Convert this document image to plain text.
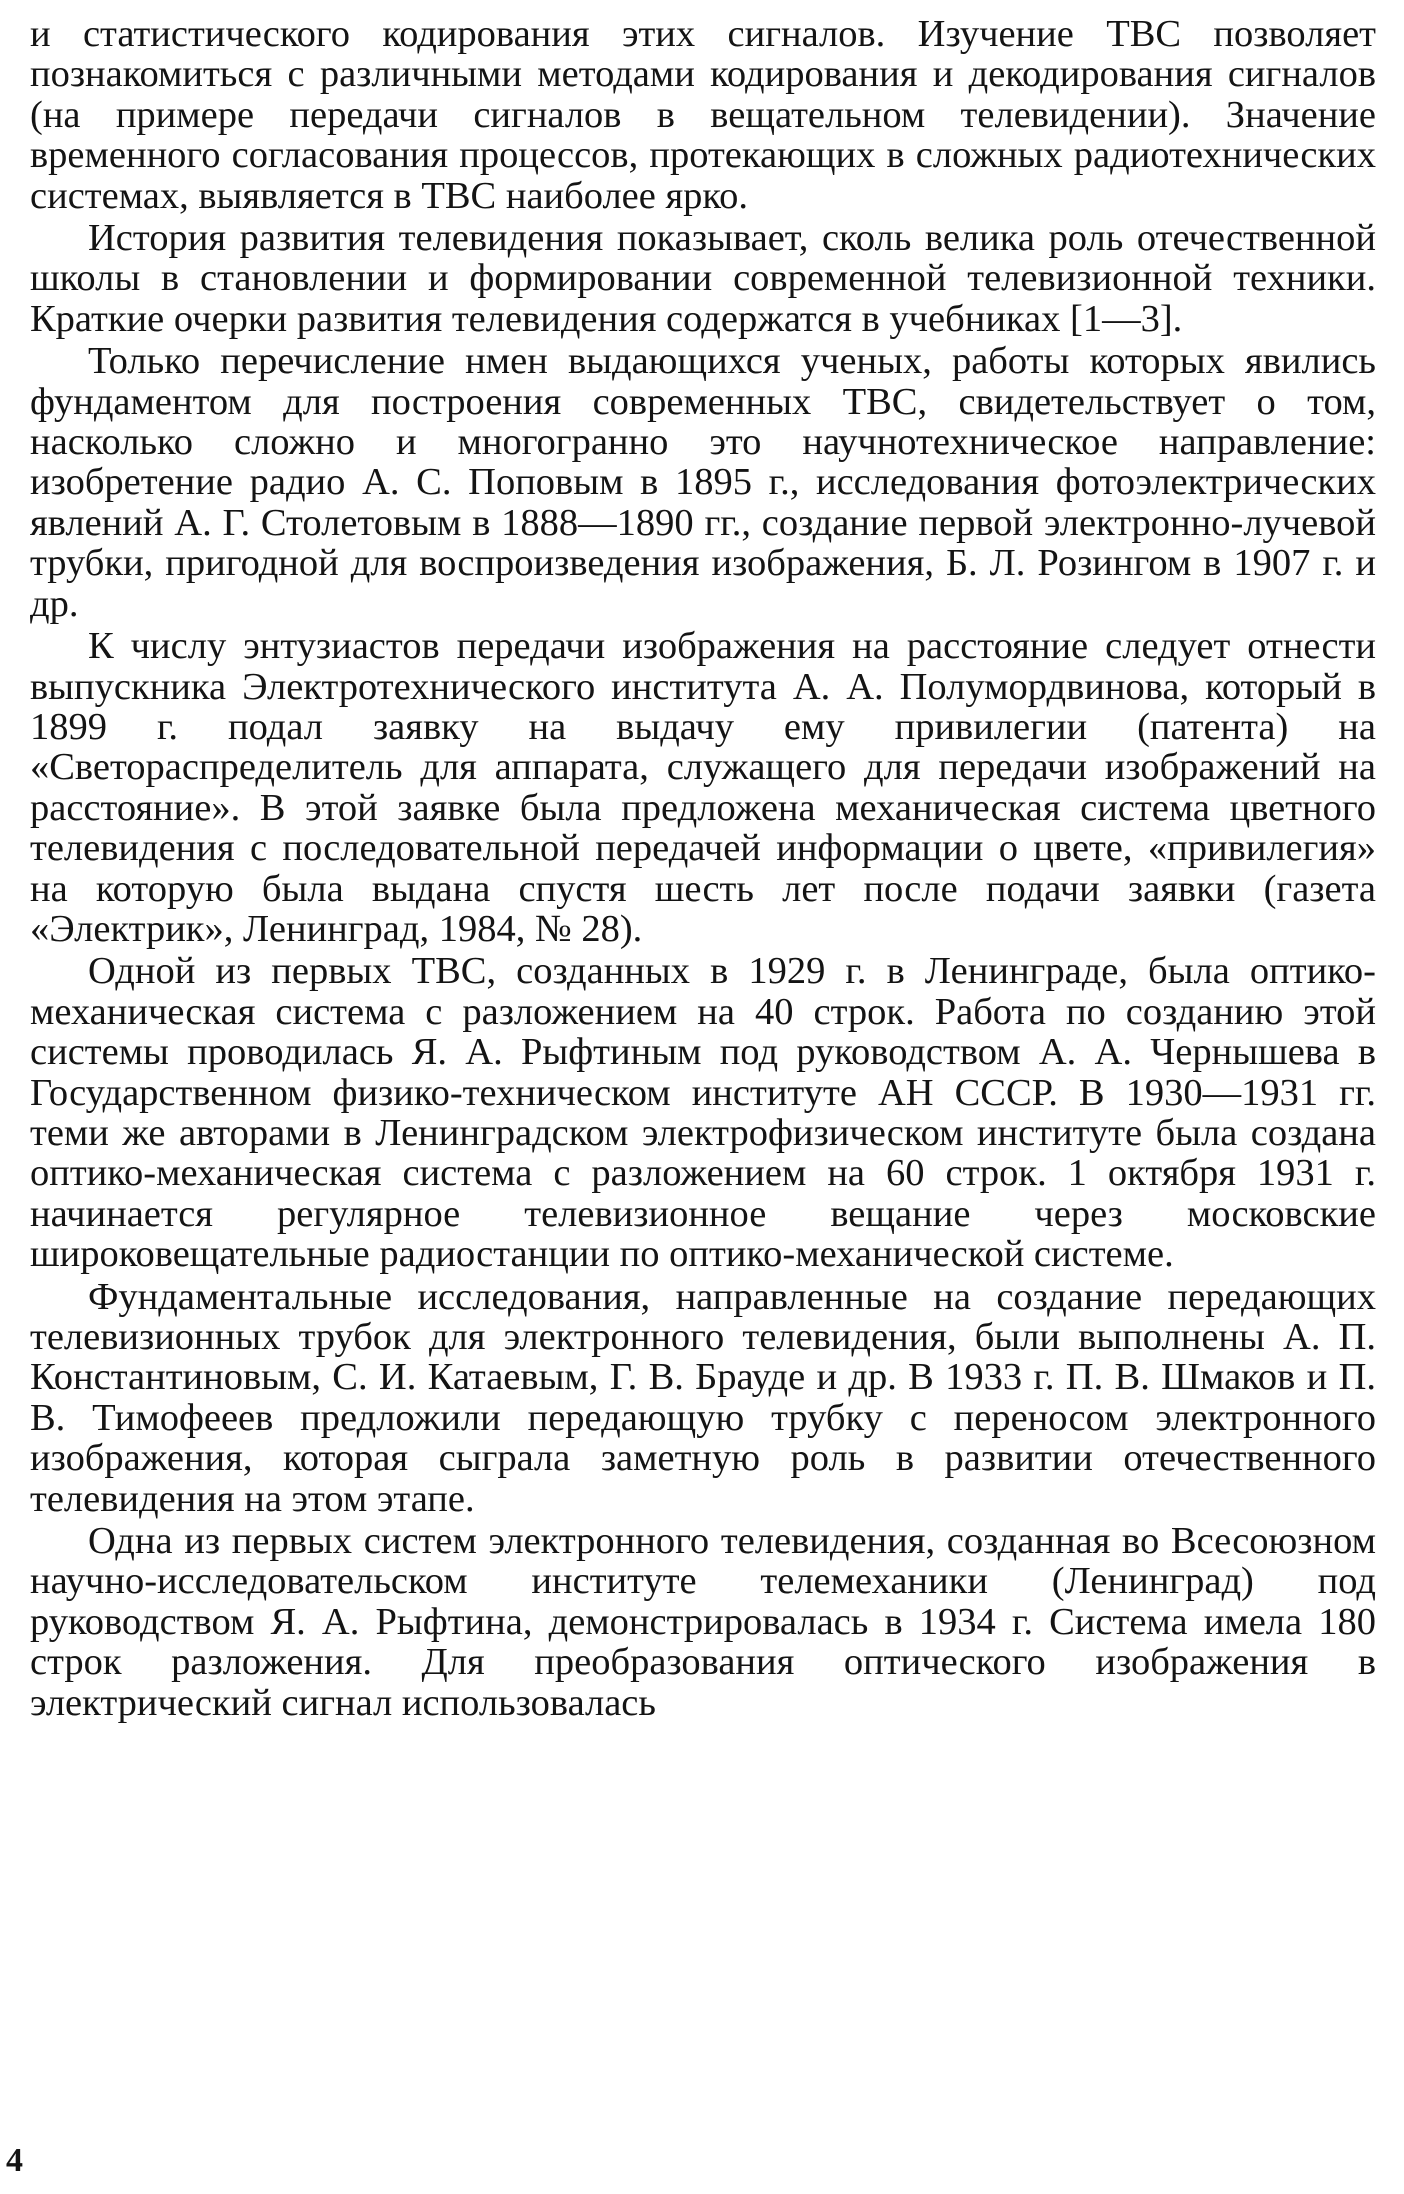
и статистического кодирования этих сигналов. Изучение ТВС позволяет познакомиться с различными методами кодирования и декодирования сигналов (на примере передачи сигналов в вещательном телевидении). Значение временного согласования процессов, протекающих в сложных радиотехнических системах, выявляется в ТВС наиболее ярко.

История развития телевидения показывает, сколь велика роль отечественной школы в становлении и формировании современной телевизионной техники. Краткие очерки развития телевидения содержатся в учебниках [1—3].

Только перечисление нмен выдающихся ученых, работы которых явились фундаментом для построения современных ТВС, свидетельствует о том, насколько сложно и многогранно это научнотехническое направление: изобретение радио А. С. Поповым в 1895 г., исследования фотоэлектрических явлений А. Г. Столетовым в 1888—1890 гг., создание первой электронно-лучевой трубки, пригодной для воспроизведения изображения, Б. Л. Розингом в 1907 г. и др.

К числу энтузиастов передачи изображения на расстояние следует отнести выпускника Электротехнического института А. А. Полумордвинова, который в 1899 г. подал заявку на выдачу ему привилегии (патента) на «Светораспределитель для аппарата, служащего для передачи изображений на расстояние». В этой заявке была предложена механическая система цветного телевидения с последовательной передачей информации о цвете, «привилегия» на которую была выдана спустя шесть лет после подачи заявки (газета «Электрик», Ленинград, 1984, № 28).

Одной из первых ТВС, созданных в 1929 г. в Ленинграде, была оптико-механическая система с разложением на 40 строк. Работа по созданию этой системы проводилась Я. А. Рыфтиным под руководством А. А. Чернышева в Государственном физико-техническом институте АН СССР. В 1930—1931 гг. теми же авторами в Ленинградском электрофизическом институте была создана оптико-механическая система с разложением на 60 строк. 1 октября 1931 г. начинается регулярное телевизионное вещание через московские широковещательные радиостанции по оптико-механической системе.

Фундаментальные исследования, направленные на создание передающих телевизионных трубок для электронного телевидения, были выполнены А. П. Константиновым, С. И. Катаевым, Г. В. Брауде и др. В 1933 г. П. В. Шмаков и П. В. Тимофееев предложили передающую трубку с переносом электронного изображения, которая сыграла заметную роль в развитии отечественного телевидения на этом этапе.

Одна из первых систем электронного телевидения, созданная во Всесоюзном научно-исследовательском институте телемеханики (Ленинград) под руководством Я. А. Рыфтина, демонстрировалась в 1934 г. Система имела 180 строк разложения. Для преобразования оптического изображения в электрический сигнал использовалась

4
